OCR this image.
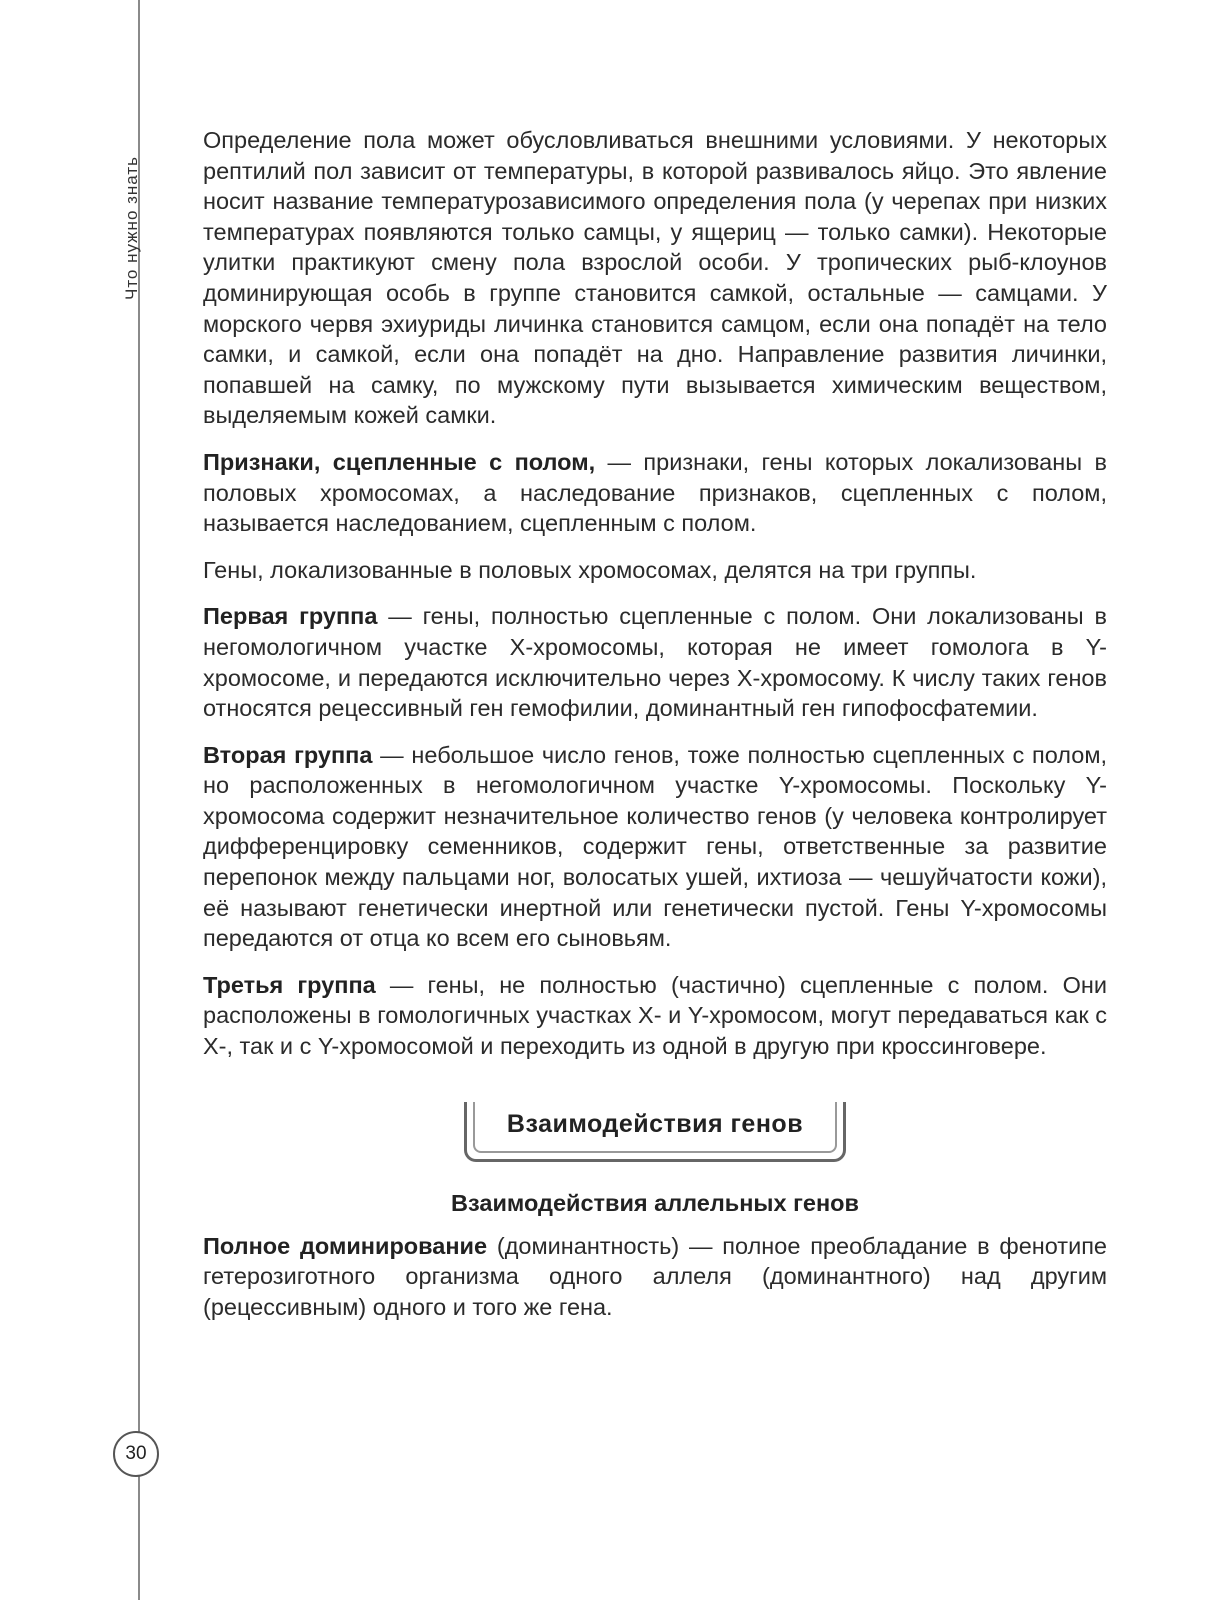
Что нужно знать
30

Определение пола может обусловливаться внешними условиями. У некоторых рептилий пол зависит от температуры, в которой развивалось яйцо. Это явление носит название температурозависимого определения пола (у черепах при низких температурах появляются только самцы, у ящериц — только самки). Некоторые улитки практикуют смену пола взрослой особи. У тропических рыб-клоунов доминирующая особь в группе становится самкой, остальные — самцами. У морского червя эхиуриды личинка становится самцом, если она попадёт на тело самки, и самкой, если она попадёт на дно. Направление развития личинки, попавшей на самку, по мужскому пути вызывается химическим веществом, выделяемым кожей самки.

Признаки, сцепленные с полом, — признаки, гены которых локализованы в половых хромосомах, а наследование признаков, сцепленных с полом, называется наследованием, сцепленным с полом.

Гены, локализованные в половых хромосомах, делятся на три группы.

Первая группа — гены, полностью сцепленные с полом. Они локализованы в негомологичном участке X-хромосомы, которая не имеет гомолога в Y-хромосоме, и передаются исключительно через X-хромосому. К числу таких генов относятся рецессивный ген гемофилии, доминантный ген гипофосфатемии.

Вторая группа — небольшое число генов, тоже полностью сцепленных с полом, но расположенных в негомологичном участке Y-хромосомы. Поскольку Y-хромосома содержит незначительное количество генов (у человека контролирует дифференцировку семенников, содержит гены, ответственные за развитие перепонок между пальцами ног, волосатых ушей, ихтиоза — чешуйчатости кожи), её называют генетически инертной или генетически пустой. Гены Y-хромосомы передаются от отца ко всем его сыновьям.

Третья группа — гены, не полностью (частично) сцепленные с полом. Они расположены в гомологичных участках X- и Y-хромосом, могут передаваться как с X-, так и с Y-хромосомой и переходить из одной в другую при кроссинговере.

Взаимодействия генов
Взаимодействия аллельных генов

Полное доминирование (доминантность) — полное преобладание в фенотипе гетерозиготного организма одного аллеля (доминантного) над другим (рецессивным) одного и того же гена.
